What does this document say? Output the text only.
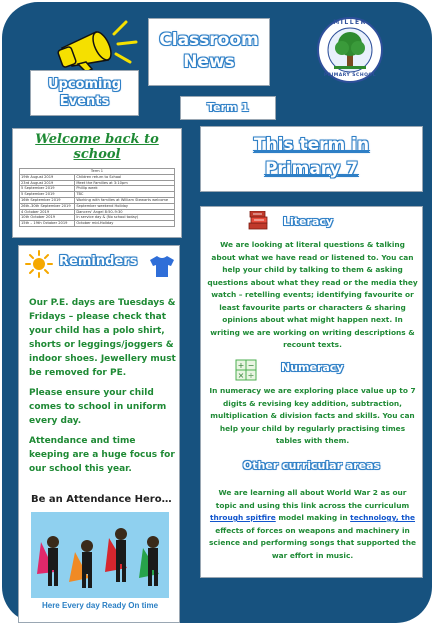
Classroom
News
MILLER
PRIMARY SCHOOL
Upcoming
Events	Term 1
Welcome back to school
Term 1	
19th August 2019	Children return to School
23rd August 2019	Meet the Families at 3:10pm
5 September 2019	Phillip week
5 September 2019	TBC
16th September 2019	Working with families at William Stewarts welcome
26th–30th September 2019	September weekend Holiday
4 October 2019	Dancers' Angel 8:50–9:30
10th October 2019	In service day & (No school today)
15th – 19th October 2019	October mid-Holiday
This term in
Primary 7
Reminders

Our P.E. days are Tuesdays & Fridays – please check that your child has a polo shirt, shorts or leggings/joggers & indoor shoes. Jewellery must be removed for PE.

Please ensure your child comes to school in uniform every day.

Attendance and time keeping are a huge focus for our school this year.

Be an Attendance Hero…
Here Every day Ready On time
Literacy
We are looking at literal questions & talking about what we have read or listened to. You can help your child by talking to them & asking questions about what they read or the media they watch – retelling events; identifying favourite or least favourite parts or characters & sharing opinions about what might happen next. In writing we are working on writing descriptions & recount texts.
+ −
× ÷
Numeracy
In numeracy we are exploring place value up to 7 digits & revising key addition, subtraction, multiplication & division facts and skills. You can help your child by regularly practising times tables with them.
Other curricular areas
We are learning all about World War 2 as our topic and using this link across the curriculum through spitfire model making in technology, the effects of forces on weapons and machinery in science and performing songs that supported the war effort in music.
